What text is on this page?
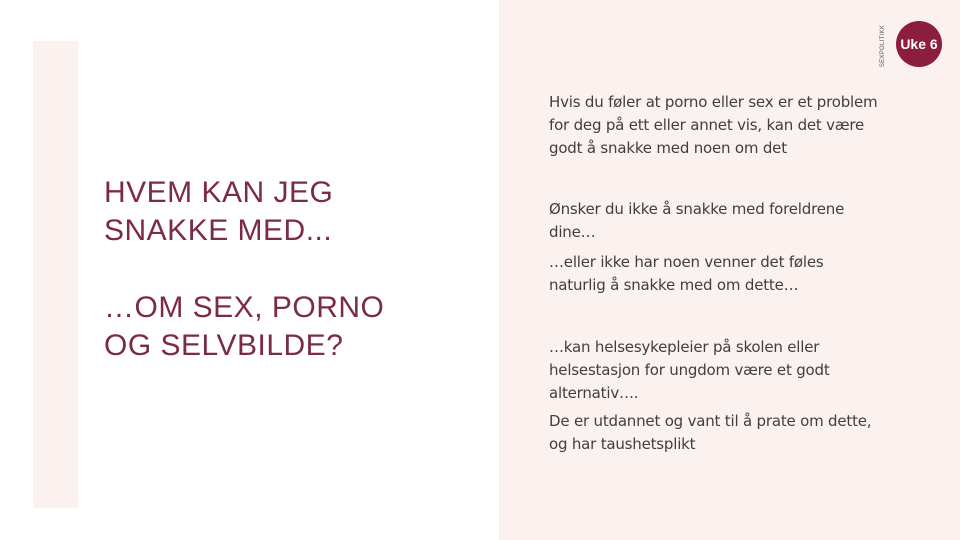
SEXPOLITIKK Uke 6
HVEM KAN JEG
SNAKKE MED...
…OM SEX, PORNO
OG SELVBILDE?

Hvis du føler at porno eller sex er et problem
for deg på ett eller annet vis, kan det være
godt å snakke med noen om det

Ønsker du ikke å snakke med foreldrene
dine…

…eller ikke har noen venner det føles
naturlig å snakke med om dette…

…kan helsesykepleier på skolen eller
helsestasjon for ungdom være et godt
alternativ….

De er utdannet og vant til å prate om dette,
og har taushetsplikt
